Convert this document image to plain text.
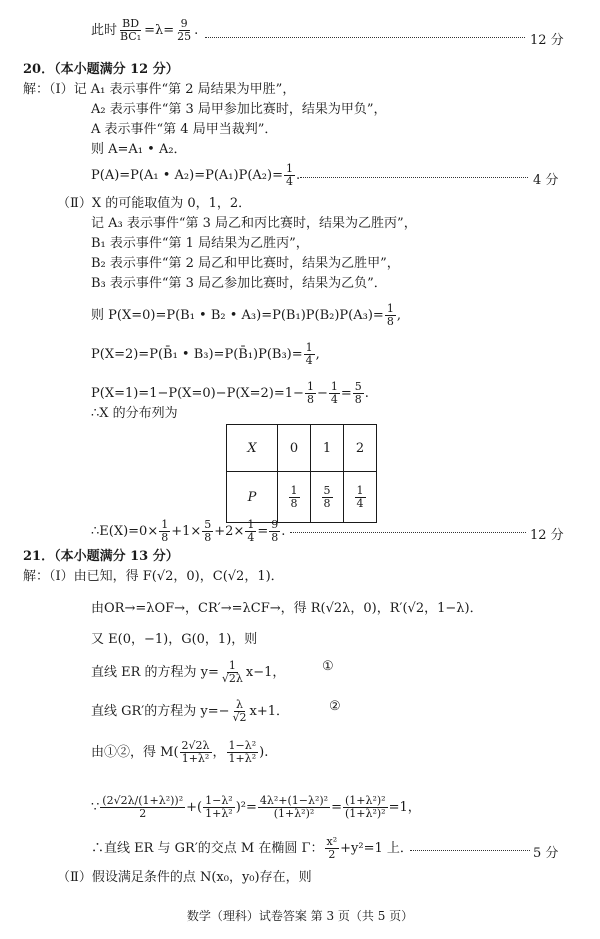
此时 $\frac{BD}{\text{BC₁}} =\lambda= \frac{9}{25}$ .
12 分
20．（本小题满分 12 分）
解：（Ⅰ）记 A₁ 表示事件“第 2 局结果为甲胜”，
A₂ 表示事件“第 3 局甲参加比赛时，结果为甲负”，
A 表示事件“第 4 局甲当裁判”．
则 A=A₁ • A₂．
P(A)=P(A₁ • $A_2)=P(A_1)P(A_2)= \frac{1}{4}$ .	4 分
（Ⅱ）X 的可能取值为 0，1，2．
记 A₃ 表示事件“第 3 局乙和丙比赛时，结果为乙胜丙”，
B₁ 表示事件“第 1 局结果为乙胜丙”，
B₂ 表示事件“第 2 局乙和甲比赛时，结果为乙胜甲”，
B₃ 表示事件“第 3 局乙参加比赛时，结果为乙负”．
则 P(X=0)=P(B₁ • B₂ • $A_3)=P(B_1)P(B_2)P(A_3)= \frac{1}{8}$ ,
P(X=2)=P(B̄₁ • B₃)=P(B̄₁)P(B₃)= $\frac{1}{4}$ ,
$P(X=1)=1-P(X=0)-P(X=2)=1- \frac{1}{8} - \frac{1}{4} = \frac{5}{8}$ .
∴X 的分布列为
X	0	1	2
P	$\frac{1}{8}$	$\frac{5}{8}$	$\frac{1}{4}$
∴E(X)=0× $\frac{1}{8} +1\times \frac{5}{8} +2\times \frac{1}{4} = \frac{9}{8}$ .	12 分
21．（本小题满分 13 分）
解：（Ⅰ）由已知，得 F(√2，0)，C(√2，1)．
由OR→=λOF→，CR′→=λCF→，得 R(√2λ，0)，R′(√2，1−λ)．
又 E(0，−1)，G(0，1)，则
直线 ER 的方程为 $y= \frac{1}{√2\lambda} x-1$，	①
直线 GR′的方程为 $y=- \frac{\lambda}{√2} x+1$．	②
由①②，得 $M( \frac{2√2\lambda}{\text{1+λ²}}$ ， $\frac{\text{1−λ²}}{\text{1+λ²}}$ ).
∵ $\frac{\text{(2√2λ/(1+λ²))²}}{2}$ +( $\frac{\text{1−λ²}}{\text{1+λ²}} )^2= \frac{\text{4λ²+(1−λ²)²}}{\text{(1+λ²)²}} = \frac{\text{(1+λ²)²}}{\text{(1+λ²)²}} =1$，
∴直线 ER 与 GR′的交点 M 在椭圆 Γ： $\frac{\text{x²}}{2} +y^2=1$ 上．	5 分
（Ⅱ）假设满足条件的点 N(x₀，y₀)存在，则
数学（理科）试卷答案 第 3 页（共 5 页）
